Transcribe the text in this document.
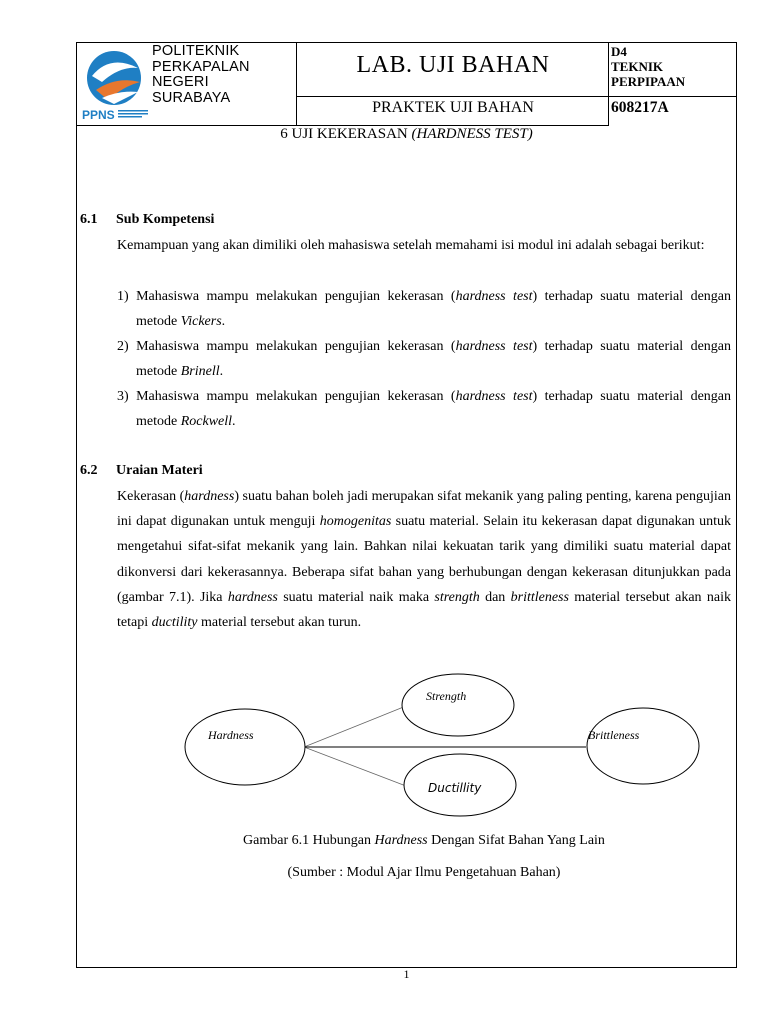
PPNS
POLITEKNIK
PERKAPALAN
NEGERI
SURABAYA
LAB. UJI BAHAN
D4
TEKNIK
PERPIPAAN
PRAKTEK UJI BAHAN	608217A
6 UJI KEKERASAN (HARDNESS TEST)
6.1 Sub Kompetensi
Kemampuan yang akan dimiliki oleh mahasiswa setelah memahami isi modul ini adalah sebagai berikut:
1) Mahasiswa mampu melakukan pengujian kekerasan (hardness test) terhadap suatu material dengan metode Vickers.
2) Mahasiswa mampu melakukan pengujian kekerasan (hardness test) terhadap suatu material dengan metode Brinell.
3) Mahasiswa mampu melakukan pengujian kekerasan (hardness test) terhadap suatu material dengan metode Rockwell.
6.2 Uraian Materi
Kekerasan (hardness) suatu bahan boleh jadi merupakan sifat mekanik yang paling penting, karena pengujian ini dapat digunakan untuk menguji homogenitas suatu material. Selain itu kekerasan dapat digunakan untuk mengetahui sifat-sifat mekanik yang lain. Bahkan nilai kekuatan tarik yang dimiliki suatu material dapat dikonversi dari kekerasannya. Beberapa sifat bahan yang berhubungan dengan kekerasan ditunjukkan pada (gambar 7.1). Jika hardness suatu material naik maka strength dan brittleness material tersebut akan naik tetapi ductility material tersebut akan turun.
Hardness
Strength
Brittleness
Ductillity
Gambar 6.1 Hubungan Hardness Dengan Sifat Bahan Yang Lain
(Sumber : Modul Ajar Ilmu Pengetahuan Bahan)
1
